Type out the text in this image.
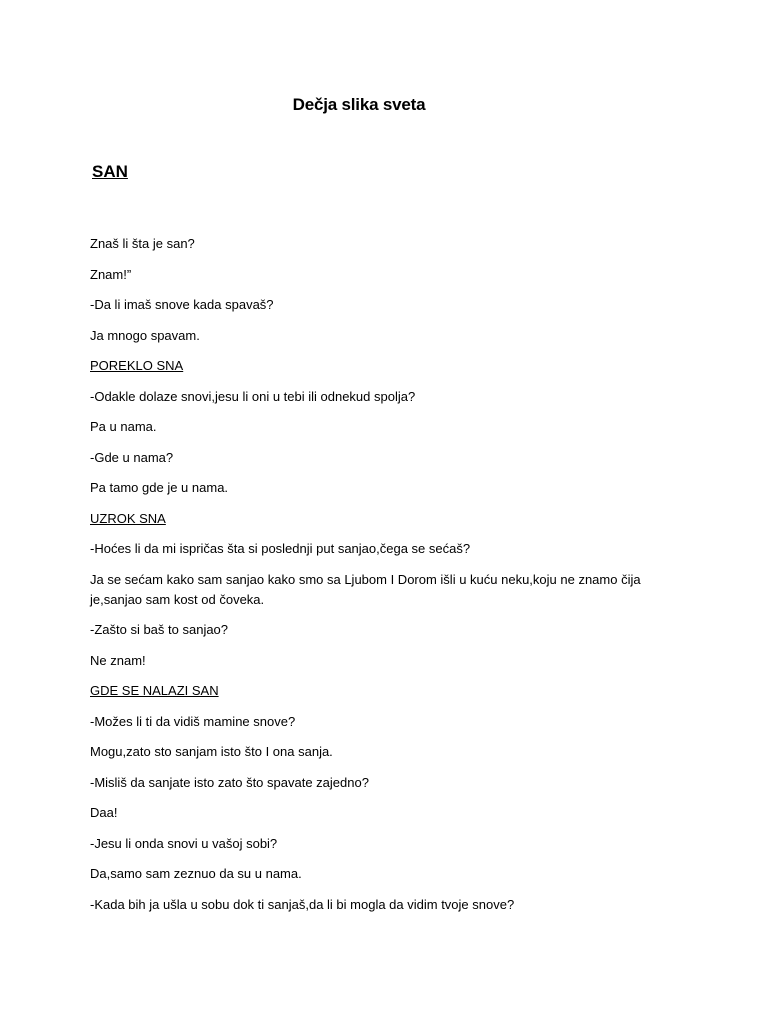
Dečja slika sveta
SAN

Znaš li šta je san?

Znam!”

-Da li imaš snove kada spavaš?

Ja mnogo spavam.

POREKLO SNA

-Odakle dolaze snovi,jesu li oni u tebi ili odnekud spolja?

Pa u nama.

-Gde u nama?

Pa tamo gde je u nama.

UZROK SNA

-Hoćes li da mi ispričas šta si poslednji put sanjao,čega se sećaš?

Ja se sećam kako sam sanjao kako smo sa Ljubom I Dorom išli u kuću neku,koju ne znamo čija je,sanjao sam kost od čoveka.

-Zašto si baš to sanjao?

Ne znam!

GDE SE NALAZI SAN

-Možes li ti da vidiš mamine snove?

Mogu,zato sto sanjam isto što I ona sanja.

-Misliš da sanjate isto zato što spavate zajedno?

Daa!

-Jesu li onda snovi u vašoj sobi?

Da,samo sam zeznuo da su u nama.

-Kada bih ja ušla u sobu dok ti sanjaš,da li bi mogla da vidim tvoje snove?
